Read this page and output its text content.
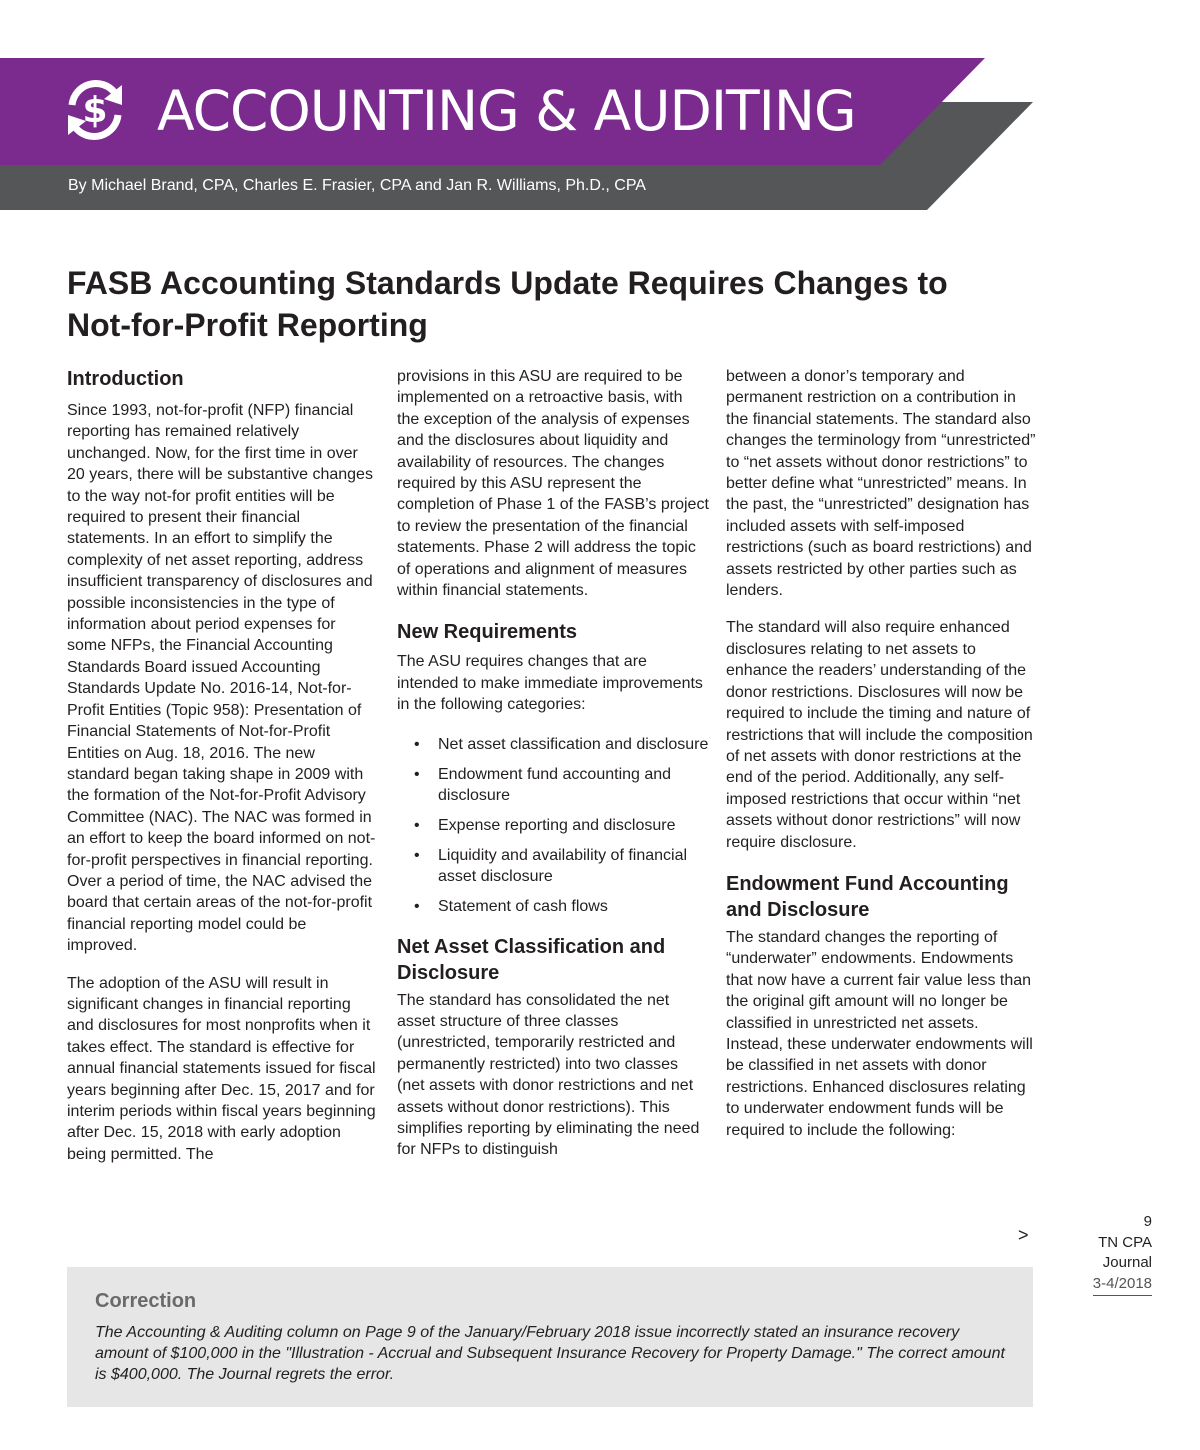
$ ACCOUNTING & AUDITING
By Michael Brand, CPA, Charles E. Frasier, CPA and Jan R. Williams, Ph.D., CPA
FASB Accounting Standards Update Requires Changes to Not-for-Profit Reporting
Introduction

Since 1993, not-for-profit (NFP) financial reporting has remained relatively unchanged. Now, for the first time in over 20 years, there will be substantive changes to the way not-for profit entities will be required to present their financial statements. In an effort to simplify the complexity of net asset reporting, address insufficient transparency of disclosures and possible inconsistencies in the type of information about period expenses for some NFPs, the Financial Accounting Standards Board issued Accounting Standards Update No. 2016-14, Not-for-Profit Entities (Topic 958): Presentation of Financial Statements of Not-for-Profit Entities on Aug. 18, 2016. The new standard began taking shape in 2009 with the formation of the Not-for-Profit Advisory Committee (NAC). The NAC was formed in an effort to keep the board informed on not-for-profit perspectives in financial reporting. Over a period of time, the NAC advised the board that certain areas of the not-for-profit financial reporting model could be improved.

The adoption of the ASU will result in significant changes in financial reporting and disclosures for most nonprofits when it takes effect. The standard is effective for annual financial statements issued for fiscal years beginning after Dec. 15, 2017 and for interim periods within fiscal years beginning after Dec. 15, 2018 with early adoption being permitted. The

provisions in this ASU are required to be implemented on a retroactive basis, with the exception of the analysis of expenses and the disclosures about liquidity and availability of resources. The changes required by this ASU represent the completion of Phase 1 of the FASB’s project to review the presentation of the financial statements. Phase 2 will address the topic of operations and alignment of measures within financial statements.

New Requirements

The ASU requires changes that are intended to make immediate improvements in the following categories:

• Net asset classification and disclosure
• Endowment fund accounting and disclosure
• Expense reporting and disclosure
• Liquidity and availability of financial asset disclosure
• Statement of cash flows
Net Asset Classification and Disclosure

The standard has consolidated the net asset structure of three classes (unrestricted, temporarily restricted and permanently restricted) into two classes (net assets with donor restrictions and net assets without donor restrictions). This simplifies reporting by eliminating the need for NFPs to distinguish

between a donor’s temporary and permanent restriction on a contribution in the financial statements. The standard also changes the terminology from “unrestricted” to “net assets without donor restrictions” to better define what “unrestricted” means. In the past, the “unrestricted” designation has included assets with self-imposed restrictions (such as board restrictions) and assets restricted by other parties such as lenders.

The standard will also require enhanced disclosures relating to net assets to enhance the readers’ understanding of the donor restrictions. Disclosures will now be required to include the timing and nature of restrictions that will include the composition of net assets with donor restrictions at the end of the period. Additionally, any self-imposed restrictions that occur within “net assets without donor restrictions” will now require disclosure.

Endowment Fund Accounting and Disclosure

The standard changes the reporting of “underwater” endowments. Endowments that now have a current fair value less than the original gift amount will no longer be classified in unrestricted net assets. Instead, these underwater endowments will be classified in net assets with donor restrictions. Enhanced disclosures relating to underwater endowment funds will be required to include the following:

>
9
TN CPA
Journal
3-4/2018
Correction

The Accounting & Auditing column on Page 9 of the January/February 2018 issue incorrectly stated an insurance recovery amount of $100,000 in the "Illustration - Accrual and Subsequent Insurance Recovery for Property Damage." The correct amount is $400,000. The Journal regrets the error.
